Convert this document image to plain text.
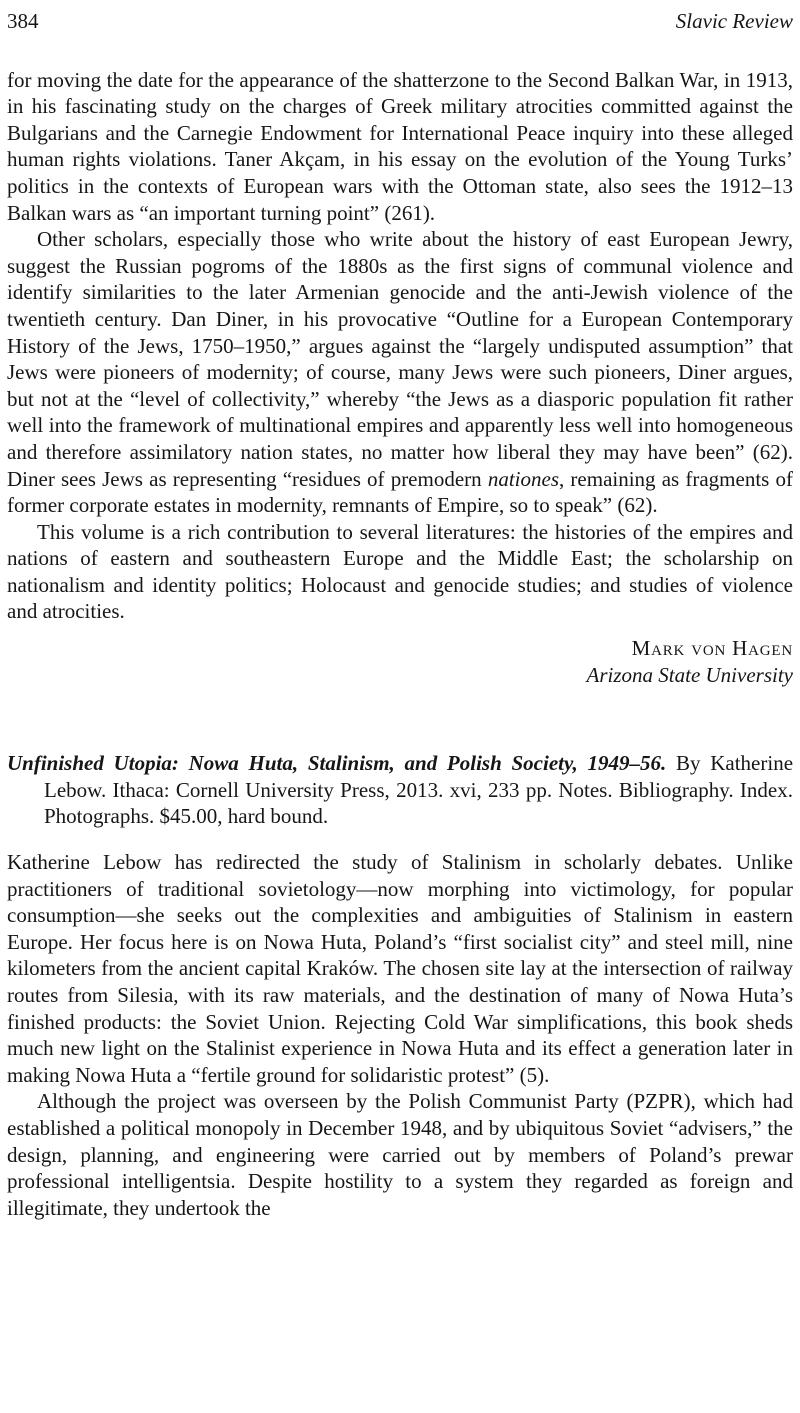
384	Slavic Review

for moving the date for the appearance of the shatterzone to the Second Balkan War, in 1913, in his fascinating study on the charges of Greek military atrocities committed against the Bulgarians and the Carnegie Endowment for International Peace inquiry into these alleged human rights violations. Taner Akçam, in his essay on the evolution of the Young Turks’ politics in the contexts of European wars with the Ottoman state, also sees the 1912–13 Balkan wars as “an important turning point” (261).

Other scholars, especially those who write about the history of east European Jewry, suggest the Russian pogroms of the 1880s as the first signs of communal violence and identify similarities to the later Armenian genocide and the anti-Jewish violence of the twentieth century. Dan Diner, in his provocative “Outline for a European Contemporary History of the Jews, 1750–1950,” argues against the “largely undisputed assumption” that Jews were pioneers of modernity; of course, many Jews were such pioneers, Diner argues, but not at the “level of collectivity,” whereby “the Jews as a diasporic population fit rather well into the framework of multinational empires and apparently less well into homogeneous and therefore assimilatory nation states, no matter how liberal they may have been” (62). Diner sees Jews as representing “residues of premodern nationes, remaining as fragments of former corporate estates in modernity, remnants of Empire, so to speak” (62).

This volume is a rich contribution to several literatures: the histories of the empires and nations of eastern and southeastern Europe and the Middle East; the scholarship on nationalism and identity politics; Holocaust and genocide studies; and studies of violence and atrocities.

Mark von Hagen
Arizona State University
Unfinished Utopia: Nowa Huta, Stalinism, and Polish Society, 1949–56. By Katherine Lebow. Ithaca: Cornell University Press, 2013. xvi, 233 pp. Notes. Bibliography. Index. Photographs. $45.00, hard bound.

Katherine Lebow has redirected the study of Stalinism in scholarly debates. Unlike practitioners of traditional sovietology—now morphing into victimology, for popular consumption—she seeks out the complexities and ambiguities of Stalinism in eastern Europe. Her focus here is on Nowa Huta, Poland’s “first socialist city” and steel mill, nine kilometers from the ancient capital Kraków. The chosen site lay at the intersection of railway routes from Silesia, with its raw materials, and the destination of many of Nowa Huta’s finished products: the Soviet Union. Rejecting Cold War simplifications, this book sheds much new light on the Stalinist experience in Nowa Huta and its effect a generation later in making Nowa Huta a “fertile ground for solidaristic protest” (5).

Although the project was overseen by the Polish Communist Party (PZPR), which had established a political monopoly in December 1948, and by ubiquitous Soviet “advisers,” the design, planning, and engineering were carried out by members of Poland’s prewar professional intelligentsia. Despite hostility to a system they regarded as foreign and illegitimate, they undertook the
